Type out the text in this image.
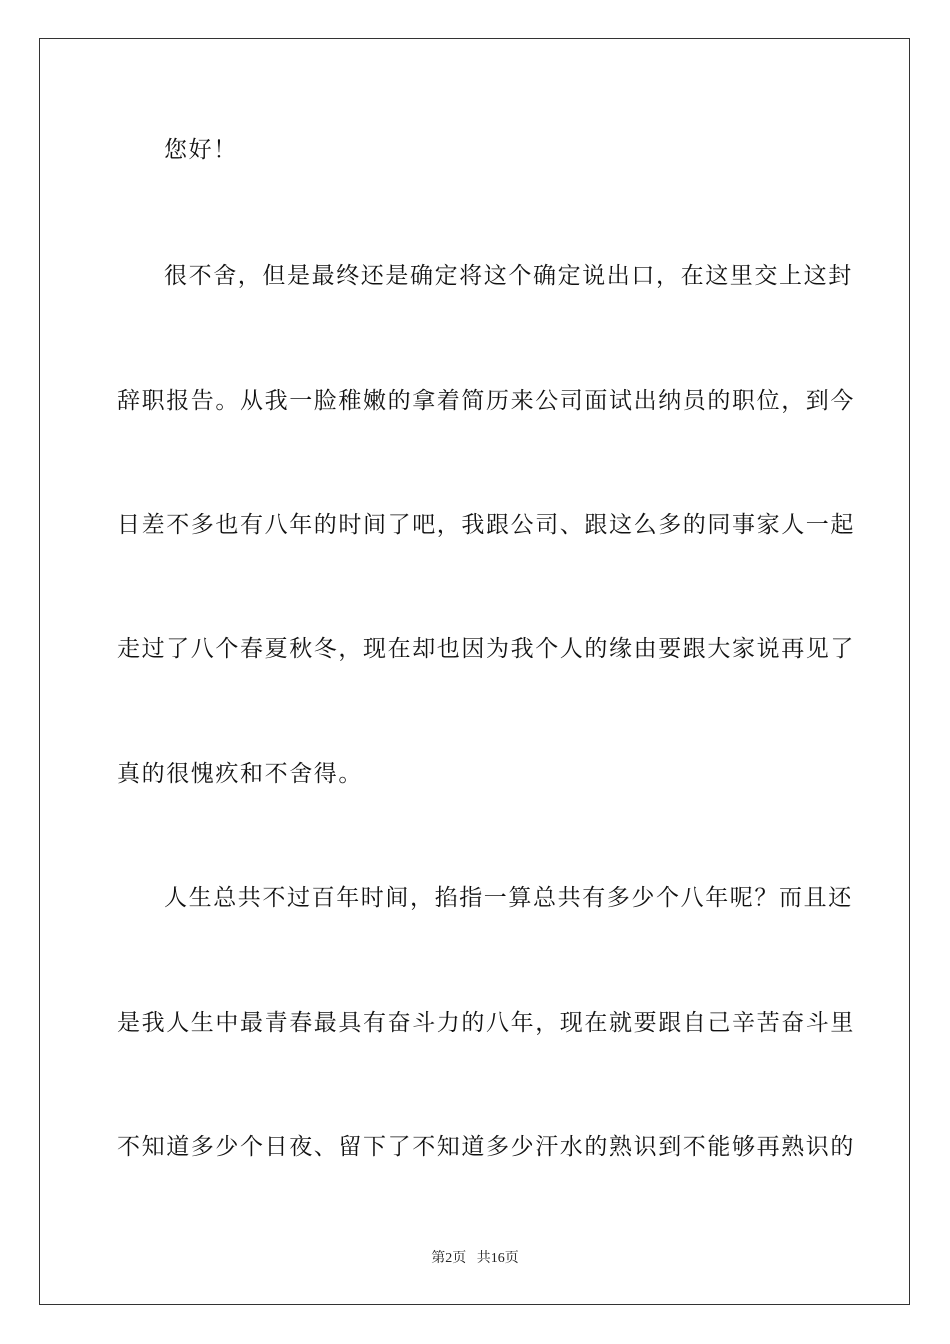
您好！
很不舍，但是最终还是确定将这个确定说出口，在这里交上这封
辞职报告。从我一脸稚嫩的拿着简历来公司面试出纳员的职位，到今
日差不多也有八年的时间了吧，我跟公司、跟这么多的同事家人一起
走过了八个春夏秋冬，现在却也因为我个人的缘由要跟大家说再见了
真的很愧疚和不舍得。
人生总共不过百年时间，掐指一算总共有多少个八年呢？而且还
是我人生中最青春最具有奋斗力的八年，现在就要跟自己辛苦奋斗里
不知道多少个日夜、留下了不知道多少汗水的熟识到不能够再熟识的
第2页 共16页
